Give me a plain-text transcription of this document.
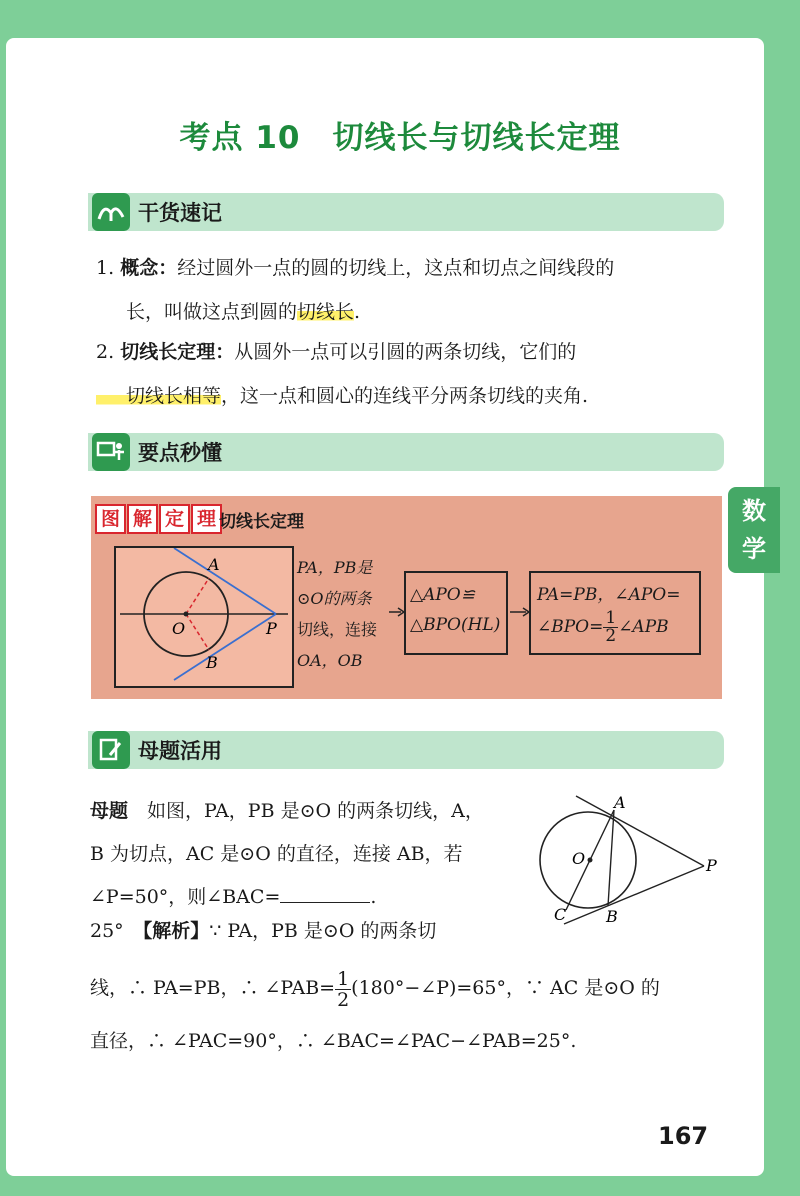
考点 10　切线长与切线长定理
干货速记
1. 概念：经过圆外一点的圆的切线上，这点和切点之间线段的
长，叫做这点到圆的切线长.
2. 切线长定理：从圆外一点可以引圆的两条切线，它们的
切线长相等，这一点和圆心的连线平分两条切线的夹角.
要点秒懂
数
学
图 解 定 理 切线长定理
A
B
O	P
PA，PB是
⊙O的两条
切线，连接
OA，OB
△APO≌
△BPO(HL)
PA=PB，∠APO=
∠BPO= $\frac{1}{2}$ ∠APB
母题活用
母题　 如图，PA，PB 是⊙O 的两条切线，A，
B 为切点，AC 是⊙O 的直径，连接 AB，若
∠P=50°，则∠BAC=	.
A
O	P
C B
25°　 【解析】∵ PA，PB 是⊙O 的两条切
线，∴ PA=PB，∴ ∠PAB= $\frac{1}{2}$ (180°−∠P)=65°，∵ AC 是⊙O 的
直径，∴ ∠PAC=90°，∴ ∠BAC=∠PAC−∠PAB=25°.
167
